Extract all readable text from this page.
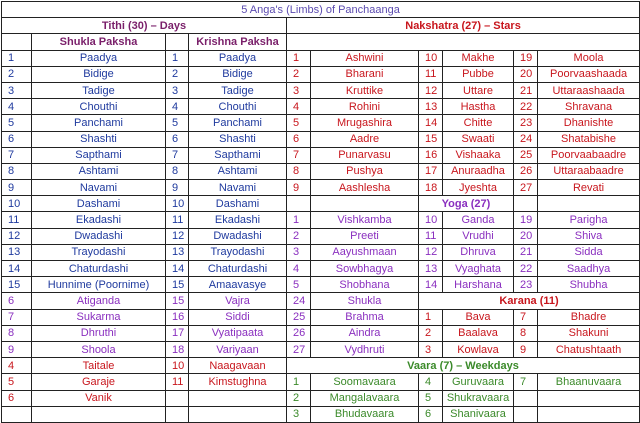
5 Anga's (Limbs) of Panchaanga									
Tithi (30) – Days				Nakshatra (27) – Stars					
	Shukla Paksha		Krishna Paksha						
1	Paadya	1	Paadya	1	Ashwini	10	Makhe	19	Moola
2	Bidige	2	Bidige	2	Bharani	11	Pubbe	20	Poorvaashaada
3	Tadige	3	Tadige	3	Kruttike	12	Uttare	21	Uttaraashaada
4	Chouthi	4	Chouthi	4	Rohini	13	Hastha	22	Shravana
5	Panchami	5	Panchami	5	Mrugashira	14	Chitte	23	Dhanishte
6	Shashti	6	Shashti	6	Aadre	15	Swaati	24	Shatabishe
7	Sapthami	7	Sapthami	7	Punarvasu	16	Vishaaka	25	Poorvaabaadre
8	Ashtami	8	Ashtami	8	Pushya	17	Anuraadha	26	Uttaraabaadre
9	Navami	9	Navami	9	Aashlesha	18	Jyeshta	27	Revati
10	Dashami	10	Dashami			Yoga (27)			
11	Ekadashi	11	Ekadashi	1	Vishkamba	10	Ganda	19	Parigha
12	Dwadashi	12	Dwadashi	2	Preeti	11	Vrudhi	20	Shiva
13	Trayodashi	13	Trayodashi	3	Aayushmaan	12	Dhruva	21	Sidda
14	Chaturdashi	14	Chaturdashi	4	Sowbhagya	13	Vyaghata	22	Saadhya
15	Hunnime (Poornime)	15	Amaavasye	5	Shobhana	14	Harshana	23	Shubha
6	Atiganda	15	Vajra	24	Shukla	Karana (11)			
7	Sukarma	16	Siddi	25	Brahma	1	Bava	7	Bhadre
8	Dhruthi	17	Vyatipaata	26	Aindra	2	Baalava	8	Shakuni
9	Shoola	18	Variyaan	27	Vydhruti	3	Kowlava	9	Chatushtaath
4	Taitale	10	Naagavaan	Vaara (7) – Weekdays					
5	Garaje	11	Kimstughna	1	Soomavaara	4	Guruvaara	7	Bhaanuvaara
6	Vanik			2	Mangalavaara	5	Shukravaara		
				3	Bhudavaara	6	Shanivaara		
